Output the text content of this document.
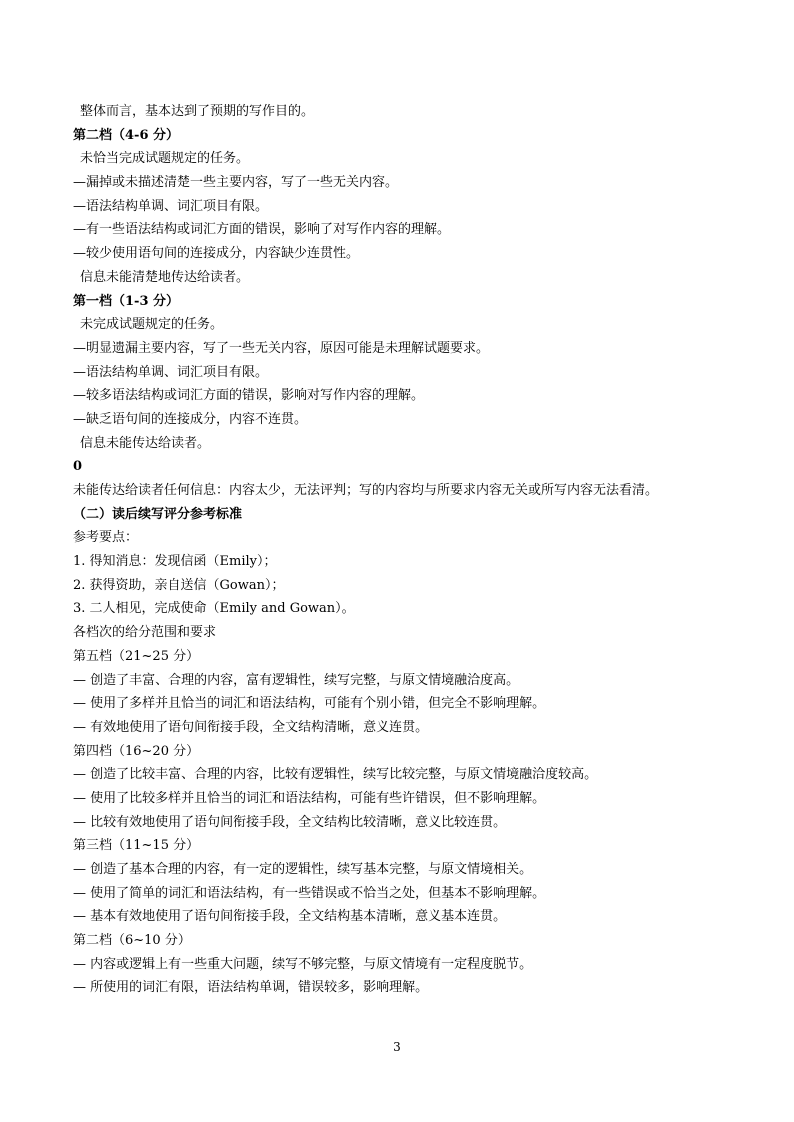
整体而言，基本达到了预期的写作目的。
第二档（4-6 分）
未恰当完成试题规定的任务。
—漏掉或未描述清楚一些主要内容，写了一些无关内容。
—语法结构单调、词汇项目有限。
—有一些语法结构或词汇方面的错误，影响了对写作内容的理解。
—较少使用语句间的连接成分，内容缺少连贯性。
信息未能清楚地传达给读者。
第一档（1-3 分）
未完成试题规定的任务。
—明显遗漏主要内容，写了一些无关内容，原因可能是未理解试题要求。
—语法结构单调、词汇项目有限。
—较多语法结构或词汇方面的错误，影响对写作内容的理解。
—缺乏语句间的连接成分，内容不连贯。
信息未能传达给读者。
0
未能传达给读者任何信息：内容太少，无法评判；写的内容均与所要求内容无关或所写内容无法看清。
（二）读后续写评分参考标准
参考要点：
1. 得知消息：发现信函（Emily）；
2. 获得资助，亲自送信（Gowan）；
3. 二人相见，完成使命（Emily and Gowan）。
各档次的给分范围和要求
第五档（21~25 分）
— 创造了丰富、合理的内容，富有逻辑性，续写完整，与原文情境融洽度高。
— 使用了多样并且恰当的词汇和语法结构，可能有个别小错，但完全不影响理解。
— 有效地使用了语句间衔接手段，全文结构清晰，意义连贯。
第四档（16~20 分）
— 创造了比较丰富、合理的内容，比较有逻辑性，续写比较完整，与原文情境融洽度较高。
— 使用了比较多样并且恰当的词汇和语法结构，可能有些许错误，但不影响理解。
— 比较有效地使用了语句间衔接手段，全文结构比较清晰，意义比较连贯。
第三档（11~15 分）
— 创造了基本合理的内容，有一定的逻辑性，续写基本完整，与原文情境相关。
— 使用了简单的词汇和语法结构，有一些错误或不恰当之处，但基本不影响理解。
— 基本有效地使用了语句间衔接手段，全文结构基本清晰，意义基本连贯。
第二档（6~10 分）
— 内容或逻辑上有一些重大问题，续写不够完整，与原文情境有一定程度脱节。
— 所使用的词汇有限，语法结构单调，错误较多，影响理解。
3
